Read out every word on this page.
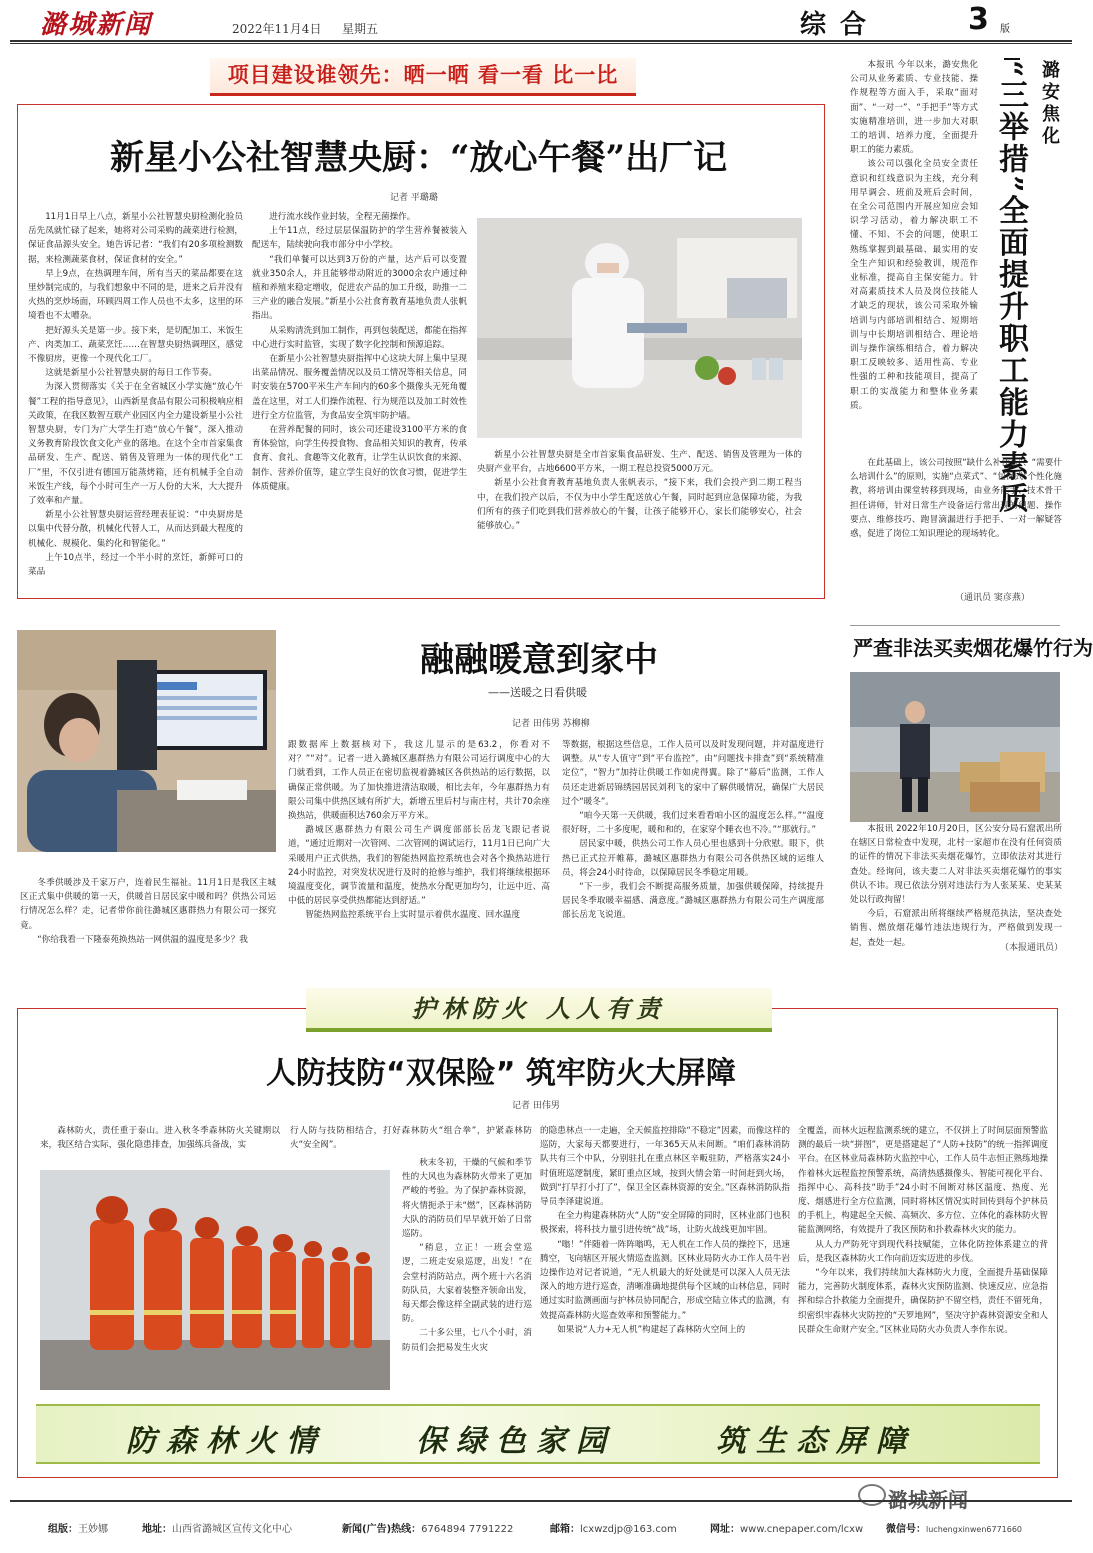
潞城新闻	2022年11月4日 星期五	综合	3 版
项目建设谁领先：晒一晒 看一看 比一比
新星小公社智慧央厨：“放心午餐”出厂记
记者 平璐璐

11月1日早上八点，新星小公社智慧央厨检测化验员岳先凤就忙碌了起来，她将对公司采购的蔬菜进行检测，保证食品源头安全。她告诉记者：“我们有20多项检测数据，来检测蔬菜食材，保证食材的安全。”

早上9点，在热调理车间，所有当天的菜品都要在这里炒制完成的，与我们想象中不同的是，进来之后并没有火热的烹炒场面，环顾四周工作人员也不太多，这里的环境看也不太嘈杂。

把好源头关是第一步。接下来，是切配加工、米饭生产、肉类加工、蔬菜烹饪……在智慧央厨热调理区，感觉不像厨房，更像一个现代化工厂。

这就是新星小公社智慧央厨的每日工作节奏。

为深入贯彻落实《关于在全省城区小学实施“放心午餐”工程的指导意见》，山西新星食品有限公司积极响应相关政策，在我区数智互联产业园区内全力建设新星小公社智慧央厨，专门为广大学生打造“放心午餐”，深入推动义务教育阶段饮食文化产业的落地。在这个全市首家集食品研发、生产、配送、销售及管理为一体的现代化“工厂”里，不仅引进有德国万能蒸烤箱，还有机械手全自动米饭生产线，每个小时可生产一万人份的大米，大大提升了效率和产量。

新星小公社智慧央厨运营经理表征说：“中央厨房是以集中代替分散，机械化代替人工，从而达到最大程度的机械化、规模化、集约化和智能化。”

上午10点半，经过一个半小时的烹饪，新鲜可口的菜品

进行流水线作业封装，全程无菌操作。

上午11点，经过层层保温防护的学生营养餐被装入配送车，陆续驶向我市部分中小学校。

“我们单餐可以达到3万份的产量，达产后可以变置就业350余人，并且能够带动附近的3000余农户通过种植和养殖来稳定增收，促进农产品的加工升级，助推一二三产业的融合发展。”新星小公社食育教育基地负责人张帆指出。

从采购清洗到加工制作，再到包装配送，都能在指挥中心进行实时监管，实现了数字化控制和预源追踪。

在新星小公社智慧央厨指挥中心这块大屏上集中呈现出菜品情况、服务覆盖情况以及员工情况等相关信息，同时安装在5700平米生产车间内的60多个摄像头无死角覆盖在这里，对工人们操作流程、行为规范以及加工时效性进行全方位监管，为食品安全筑牢防护墙。

在营养配餐的同时，该公司还建设3100平方米的食育体验馆，向学生传授食物、食品相关知识的教育，传承食育、食礼、食趣等文化教育，让学生认识饮食的来源、制作、营养价值等，建立学生良好的饮食习惯，促进学生体质健康。

新星小公社智慧央厨是全市首家集食品研发、生产、配送、销售及管理为一体的央厨产业平台，占地6600平方米，一期工程总投资5000万元。

新星小公社食育教育基地负责人张帆表示，“接下来，我们会投产到二期工程当中，在我们投产以后，不仅为中小学生配送放心午餐，同时起到应急保障功能，为我们所有的孩子们吃到我们营养放心的午餐，让孩子能够开心，家长们能够安心，社会能够放心。”

潞安焦化
“三举措”全面提升职工能力素质

本报讯 今年以来，潞安焦化公司从业务素质、专业技能、操作规程等方面入手，采取“面对面”、“一对一”、“手把手”等方式实施精准培训，进一步加大对职工的培训、培养力度，全面提升职工的能力素质。

该公司以强化全员安全责任意识和红线意识为主线，充分利用早调会、班前及班后会时间，在全公司范围内开展应知应会知识学习活动，着力解决职工不懂、不知、不会的问题，使职工熟练掌握到最基础、最实用的安全生产知识和经验教训，规范作业标准，提高自主保安能力。针对高素质技术人员及岗位技能人才缺乏的现状，该公司采取外输培训与内部培训相结合、短期培训与中长期培训相结合、理论培训与操作演练相结合，着力解决职工反映较多、适用性高、专业性强的工种和技能项目，提高了职工的实战能力和整体业务素质。

在此基础上，该公司按照“缺什么补什么”、“需要什么培训什么”的原则，实施“点菜式”、“包保式”个性化施教，将培训由课堂转移到现场，由业务能手、技术骨干担任讲师，针对日常生产设备运行常出现的问题、操作要点、维修技巧、跑冒滴漏进行手把手、一对一解疑答惑，促进了岗位工知识理论的现场转化。

（通讯员 窦彦燕）
融融暖意到家中
——送暖之日看供暖
记者 田伟男 苏柳柳

冬季供暖涉及千家万户，连着民生福祉。11月1日是我区主城区正式集中供暖的第一天，供暖首日居民家中暖和吗？供热公司运行情况怎么样？走，记者带你前往潞城区惠群热力有限公司一探究竟。

“你给我看一下隆泰苑换热站一网供温的温度是多少？我

跟数据库上数据核对下，我这儿显示的是63.2，你看对不对？”“对”。记者一进入潞城区惠群热力有限公司运行调度中心的大门就看到，工作人员正在密切监视着潞城区各供热站的运行数据，以确保正常供暖。为了加快推进清洁取暖，相比去年，今年惠群热力有限公司集中供热区域有所扩大，新增五里后村与南庄村，共计70余座换热站，供暖面积达760余万平方米。

潞城区惠群热力有限公司生产调度部部长岳龙飞跟记者说道，“通过近期对一次管网、二次管网的调试运行，11月1日已向广大采暖用户正式供热，我们的智能热网监控系统也会对各个换热站进行24小时监控，对突发状况进行及时的抢修与维护，我们将继续根据环境温度变化，调节流量和温度，使热水分配更加均匀，让远中近、高中低的居民享受供热都能达到舒适。”

智能热网监控系统平台上实时显示着供水温度、回水温度

等数据，根据这些信息，工作人员可以及时发现问题，并对温度进行调整。从“专人值守”到“平台监控”，由“问题找卡排查”到“系统精准定位”，“智力”加持让供暖工作如虎得翼。除了“幕后”监测，工作人员还走进新居锦绣园居民刘利飞的家中了解供暖情况，确保广大居民过个“暖冬”。

“咱今天第一天供暖，我们过来看看咱小区的温度怎么样。”“温度很好呀，二十多度呢，暖和和的，在家穿个睡衣也不冷。”“那就行。”

居民家中暖，供热公司工作人员心里也感到十分欣慰。眼下，供热已正式拉开帷幕，潞城区惠群热力有限公司各供热区域的运维人员，将会24小时待命，以保障居民冬季稳定用暖。

“下一步，我们会不断提高服务质量，加强供暖保障，持续提升居民冬季取暖幸福感、满意度。”潞城区惠群热力有限公司生产调度部部长岳龙飞说道。

严查非法买卖烟花爆竹行为

本报讯 2022年10月20日，区公安分局石窟派出所在辖区日常检查中发现，北村一家超市在没有任何资质的证件的情况下非法买卖烟花爆竹，立即依法对其进行查处。经询问，该夫妻二人对非法买卖烟花爆竹的事实供认不讳。现已依法分别对违法行为人张某某、史某某处以行政拘留！

今后，石窟派出所将继续严格规范执法，坚决查处销售、燃放烟花爆竹违法违规行为，严格做到发现一起，查处一起。

（本报通讯员）
护林防火 人人有责
人防技防“双保险” 筑牢防火大屏障
记者 田伟男

森林防火，责任重于泰山。进入秋冬季森林防火关键期以来，我区结合实际，强化隐患排查，加强练兵备战，实

行人防与技防相结合，打好森林防火“组合拳”，护紧森林防火“安全阀”。

秋末冬初，干燥的气候和季节性的大风也为森林防火带来了更加严峻的考验。为了保护森林资源，将火情扼杀于未“燃”，区森林消防大队的消防员们早早就开始了日常巡防。

“稍息，立正！一班会堂巡逻，二班走安泉巡逻，出发！”在会堂村消防站点，两个班十六名消防队员，大家着装整齐领命出发，每天都会像这样全副武装的进行巡防。

二十多公里，七八个小时，消防员们会把易发生火灾

的隐患林点一一走遍，全天候监控排除“不稳定”因素，而像这样的巡防，大家每天都要进行，一年365天从未间断。“咱们森林消防队共有三个中队，分别驻扎在重点林区辛畈驻防，严格落实24小时值班巡逻制度，紧盯重点区域，按到火情会第一时间赶到火场，做到“打早打小打了”，保卫全区森林资源的安全。”区森林消防队指导员李泽建说道。

在全力构建森林防火“人防”安全屏障的同时，区林业部门也积极探索，将科技力量引进传统“战”场，让防火战线更加牢固。

“嗡！”伴随着一阵阵嗡鸣，无人机在工作人员的操控下，迅速腾空，飞向辖区开展火情巡查监测。区林业局防火办工作人员牛岩边操作边对记者说道，“无人机最大的好处就是可以深入人员无法深入的地方进行巡查，清晰准确地提供每个区域的山林信息，同时通过实时监测画面与护林员协同配合，形成空陆立体式的监测，有效提高森林防火巡查效率和预警能力。”

如果说“人力+无人机”构建起了森林防火空间上的

全覆盖，而林火远程监测系统的建立，不仅拼上了时间层面预警监测的最后一块“拼图”，更是搭建起了“人防+技防”的统一指挥调度平台。在区林业局森林防火监控中心，工作人员牛志恒正熟练地操作着林火远程监控预警系统，高清热感摄像头、智能可视化平台、指挥中心、高科技“助手”24小时不间断对林区温度、热度、光度、烟感进行全方位监测，同时将林区情况实时回传到每个护林员的手机上，构建起全天候、高频次、多方位、立体化的森林防火智能监测网络，有效提升了我区预防和扑救森林火灾的能力。

从人力严防死守到现代科技赋能，立体化防控体系建立的背后，是我区森林防火工作向前迈实迈进的步伐。

“今年以来，我们持续加大森林防火力度，全面提升基础保障能力，完善防火制度体系，森林火灾预防监测、快速反应、应急指挥和综合扑救能力全面提升，确保防护不留空档，责任不留死角，织密织牢森林火灾防控的“天罗地网”，坚决守护森林资源安全和人民群众生命财产安全。”区林业局防火办负责人李作东说。

防森林火情	保绿色家园	筑生态屏障
潞城新闻
组版：王妙娜	地址：山西省潞城区宣传文化中心	新闻(广告)热线：6764894 7791222	邮箱：lcxwzdjp@163.com	网址：www.cnepaper.com/lcxw 微信号：luchengxinwen6771660
